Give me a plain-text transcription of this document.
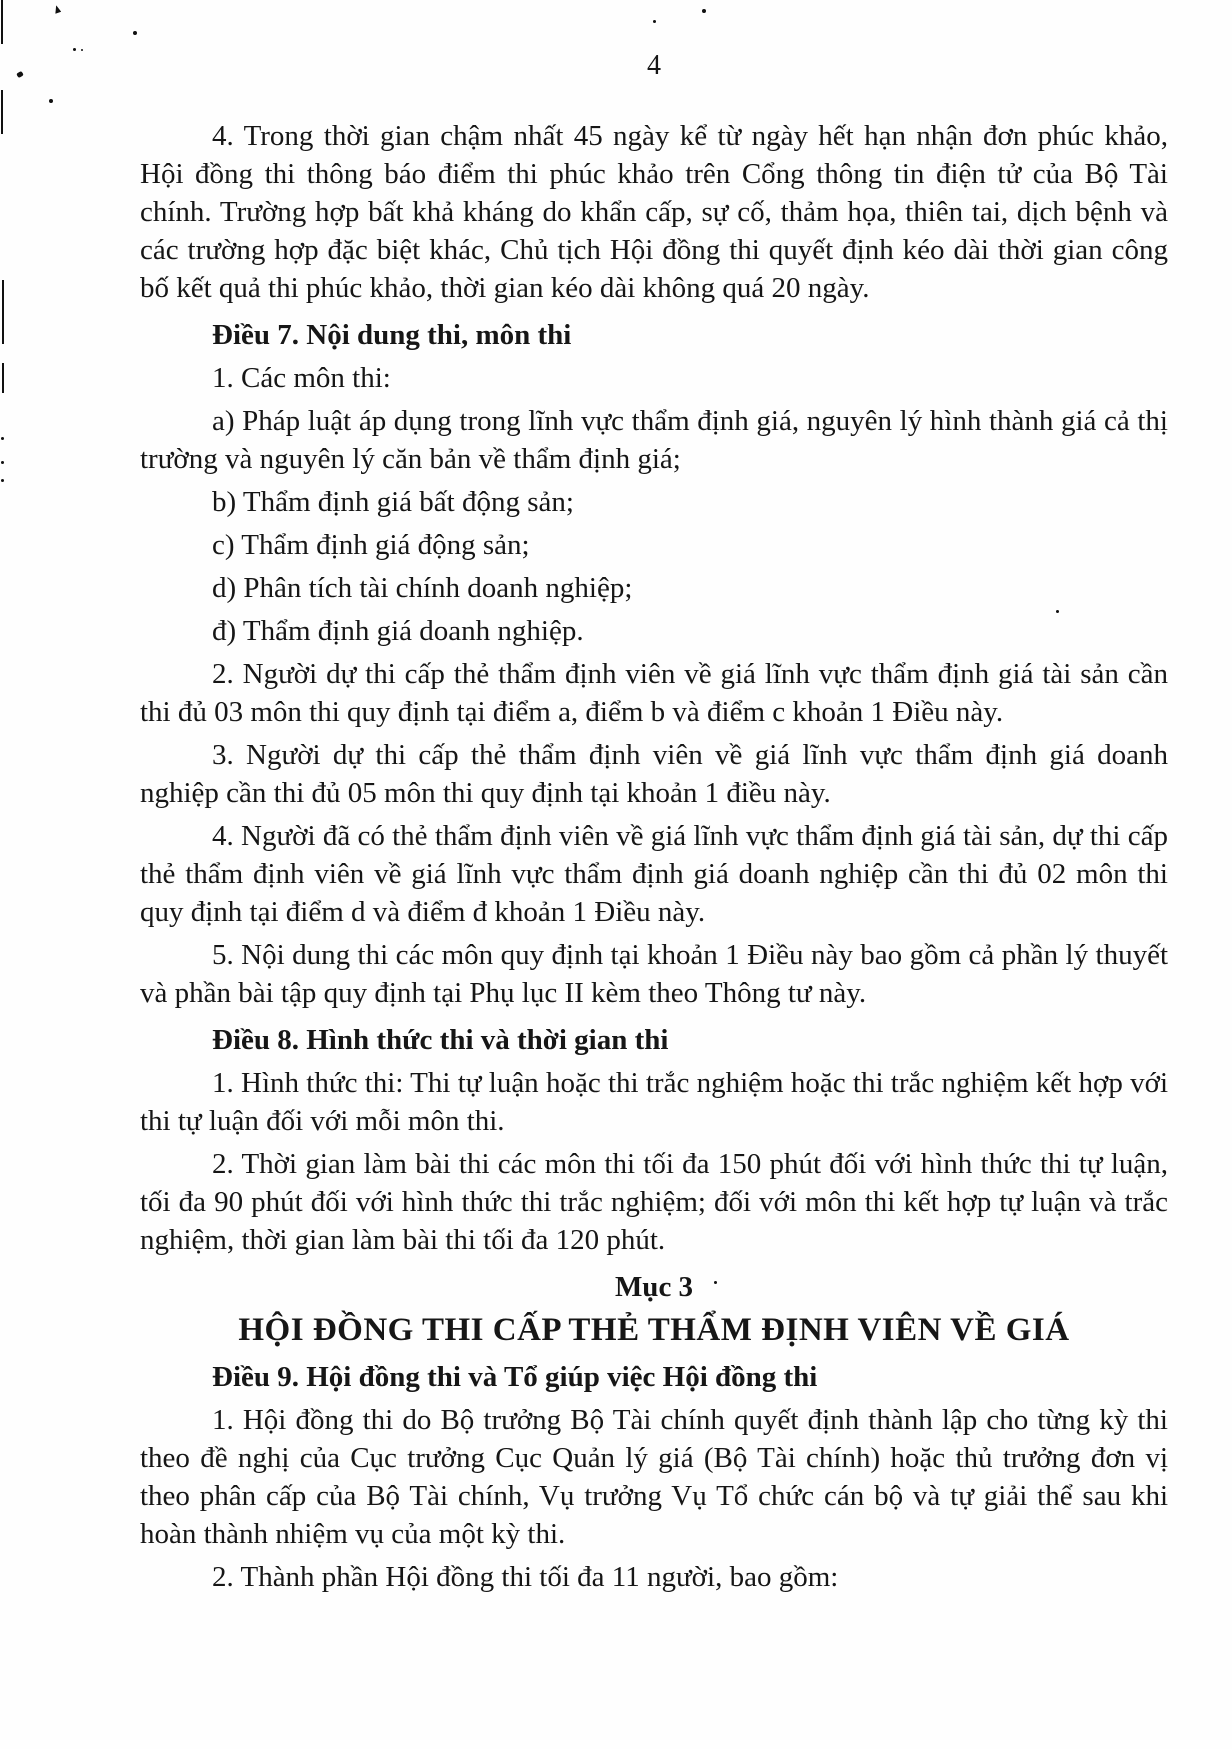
4

4. Trong thời gian chậm nhất 45 ngày kể từ ngày hết hạn nhận đơn phúc khảo, Hội đồng thi thông báo điểm thi phúc khảo trên Cổng thông tin điện tử của Bộ Tài chính. Trường hợp bất khả kháng do khẩn cấp, sự cố, thảm họa, thiên tai, dịch bệnh và các trường hợp đặc biệt khác, Chủ tịch Hội đồng thi quyết định kéo dài thời gian công bố kết quả thi phúc khảo, thời gian kéo dài không quá 20 ngày.

Điều 7. Nội dung thi, môn thi

1. Các môn thi:

a) Pháp luật áp dụng trong lĩnh vực thẩm định giá, nguyên lý hình thành giá cả thị trường và nguyên lý căn bản về thẩm định giá;

b) Thẩm định giá bất động sản;

c) Thẩm định giá động sản;

d) Phân tích tài chính doanh nghiệp;

đ) Thẩm định giá doanh nghiệp.

2. Người dự thi cấp thẻ thẩm định viên về giá lĩnh vực thẩm định giá tài sản cần thi đủ 03 môn thi quy định tại điểm a, điểm b và điểm c khoản 1 Điều này.

3. Người dự thi cấp thẻ thẩm định viên về giá lĩnh vực thẩm định giá doanh nghiệp cần thi đủ 05 môn thi quy định tại khoản 1 điều này.

4. Người đã có thẻ thẩm định viên về giá lĩnh vực thẩm định giá tài sản, dự thi cấp thẻ thẩm định viên về giá lĩnh vực thẩm định giá doanh nghiệp cần thi đủ 02 môn thi quy định tại điểm d và điểm đ khoản 1 Điều này.

5. Nội dung thi các môn quy định tại khoản 1 Điều này bao gồm cả phần lý thuyết và phần bài tập quy định tại Phụ lục II kèm theo Thông tư này.

Điều 8. Hình thức thi và thời gian thi

1. Hình thức thi: Thi tự luận hoặc thi trắc nghiệm hoặc thi trắc nghiệm kết hợp với thi tự luận đối với mỗi môn thi.

2. Thời gian làm bài thi các môn thi tối đa 150 phút đối với hình thức thi tự luận, tối đa 90 phút đối với hình thức thi trắc nghiệm; đối với môn thi kết hợp tự luận và trắc nghiệm, thời gian làm bài thi tối đa 120 phút.

Mục 3

HỘI ĐỒNG THI CẤP THẺ THẨM ĐỊNH VIÊN VỀ GIÁ

Điều 9. Hội đồng thi và Tổ giúp việc Hội đồng thi

1. Hội đồng thi do Bộ trưởng Bộ Tài chính quyết định thành lập cho từng kỳ thi theo đề nghị của Cục trưởng Cục Quản lý giá (Bộ Tài chính) hoặc thủ trưởng đơn vị theo phân cấp của Bộ Tài chính, Vụ trưởng Vụ Tổ chức cán bộ và tự giải thể sau khi hoàn thành nhiệm vụ của một kỳ thi.

2. Thành phần Hội đồng thi tối đa 11 người, bao gồm:
